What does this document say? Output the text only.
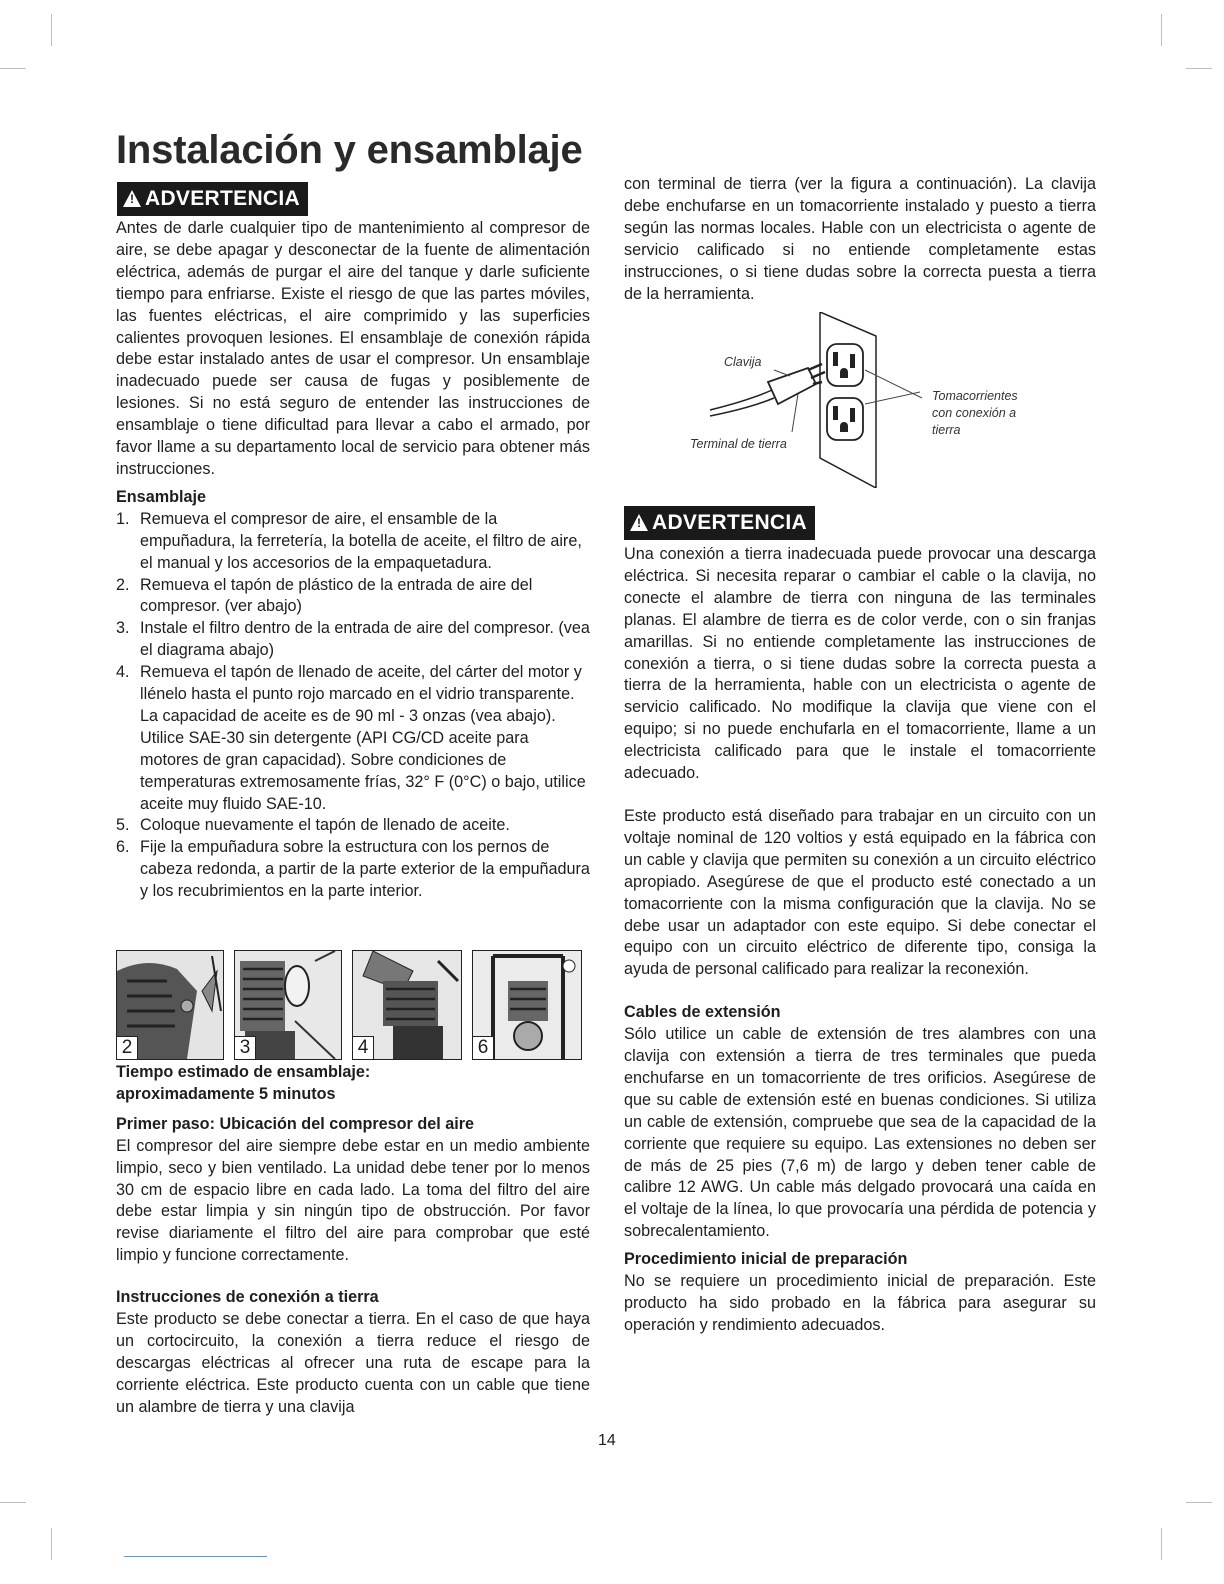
Instalación y ensamblaje
!ADVERTENCIA

Antes de darle cualquier tipo de mantenimiento al compresor de aire, se debe apagar y desconectar de la fuente de alimentación eléctrica, además de purgar el aire del tanque y darle suficiente tiempo para enfriarse. Existe el riesgo de que las partes móviles, las fuentes eléctricas, el aire comprimido y las superficies calientes provoquen lesiones. El ensamblaje de conexión rápida debe estar instalado antes de usar el compresor. Un ensamblaje inadecuado puede ser causa de fugas y posiblemente de lesiones. Si no está seguro de entender las instrucciones de ensamblaje o tiene dificultad para llevar a cabo el armado, por favor llame a su departamento local de servicio para obtener más instrucciones.

Ensamblaje
1. Remueva el compresor de aire, el ensamble de la empuñadura, la ferretería, la botella de aceite, el filtro de aire, el manual y los accesorios de la empaquetadura.
2. Remueva el tapón de plástico de la entrada de aire del compresor. (ver abajo)
3. Instale el filtro dentro de la entrada de aire del compresor. (vea el diagrama abajo)
4. Remueva el tapón de llenado de aceite, del cárter del motor y llénelo hasta el punto rojo marcado en el vidrio transparente. La capacidad de aceite es de 90 ml - 3 onzas (vea abajo). Utilice SAE-30 sin detergente (API CG/CD aceite para motores de gran capacidad). Sobre condiciones de temperaturas extremosamente frías, 32° F (0°C) o bajo, utilice aceite muy fluido SAE-10.
5. Coloque nuevamente el tapón de llenado de aceite.
6. Fije la empuñadura sobre la estructura con los pernos de cabeza redonda, a partir de la parte exterior de la empuñadura y los recubrimientos en la parte interior.
2	3	4	6
Tiempo estimado de ensamblaje:
aproximadamente 5 minutos
Primer paso: Ubicación del compresor del aire

El compresor del aire siempre debe estar en un medio ambiente limpio, seco y bien ventilado. La unidad debe tener por lo menos 30 cm de espacio libre en cada lado. La toma del filtro del aire debe estar limpia y sin ningún tipo de obstrucción. Por favor revise diariamente el filtro del aire para comprobar que esté limpio y funcione correctamente.

Instrucciones de conexión a tierra

Este producto se debe conectar a tierra. En el caso de que haya un cortocircuito, la conexión a tierra reduce el riesgo de descargas eléctricas al ofrecer una ruta de escape para la corriente eléctrica. Este producto cuenta con un cable que tiene un alambre de tierra y una clavija

con terminal de tierra (ver la figura a continuación). La clavija debe enchufarse en un tomacorriente instalado y puesto a tierra según las normas locales. Hable con un electricista o agente de servicio calificado si no entiende completamente estas instrucciones, o si tiene dudas sobre la correcta puesta a tierra de la herramienta.

Clavija
Tomacorrientes
con conexión a
tierra
Terminal de tierra
!ADVERTENCIA

Una conexión a tierra inadecuada puede provocar una descarga eléctrica. Si necesita reparar o cambiar el cable o la clavija, no conecte el alambre de tierra con ninguna de las terminales planas. El alambre de tierra es de color verde, con o sin franjas amarillas. Si no entiende completamente las instrucciones de conexión a tierra, o si tiene dudas sobre la correcta puesta a tierra de la herramienta, hable con un electricista o agente de servicio calificado. No modifique la clavija que viene con el equipo; si no puede enchufarla en el tomacorriente, llame a un electricista calificado para que le instale el tomacorriente adecuado.

Este producto está diseñado para trabajar en un circuito con un voltaje nominal de 120 voltios y está equipado en la fábrica con un cable y clavija que permiten su conexión a un circuito eléctrico apropiado. Asegúrese de que el producto esté conectado a un tomacorriente con la misma configuración que la clavija. No se debe usar un adaptador con este equipo. Si debe conectar el equipo con un circuito eléctrico de diferente tipo, consiga la ayuda de personal calificado para realizar la reconexión.

Cables de extensión

Sólo utilice un cable de extensión de tres alambres con una clavija con extensión a tierra de tres terminales que pueda enchufarse en un tomacorriente de tres orificios. Asegúrese de que su cable de extensión esté en buenas condiciones. Si utiliza un cable de extensión, compruebe que sea de la capacidad de la corriente que requiere su equipo. Las extensiones no deben ser de más de 25 pies (7,6 m) de largo y deben tener cable de calibre 12 AWG. Un cable más delgado provocará una caída en el voltaje de la línea, lo que provocaría una pérdida de potencia y sobrecalentamiento.

Procedimiento inicial de preparación

No se requiere un procedimiento inicial de preparación. Este producto ha sido probado en la fábrica para asegurar su operación y rendimiento adecuados.

14
